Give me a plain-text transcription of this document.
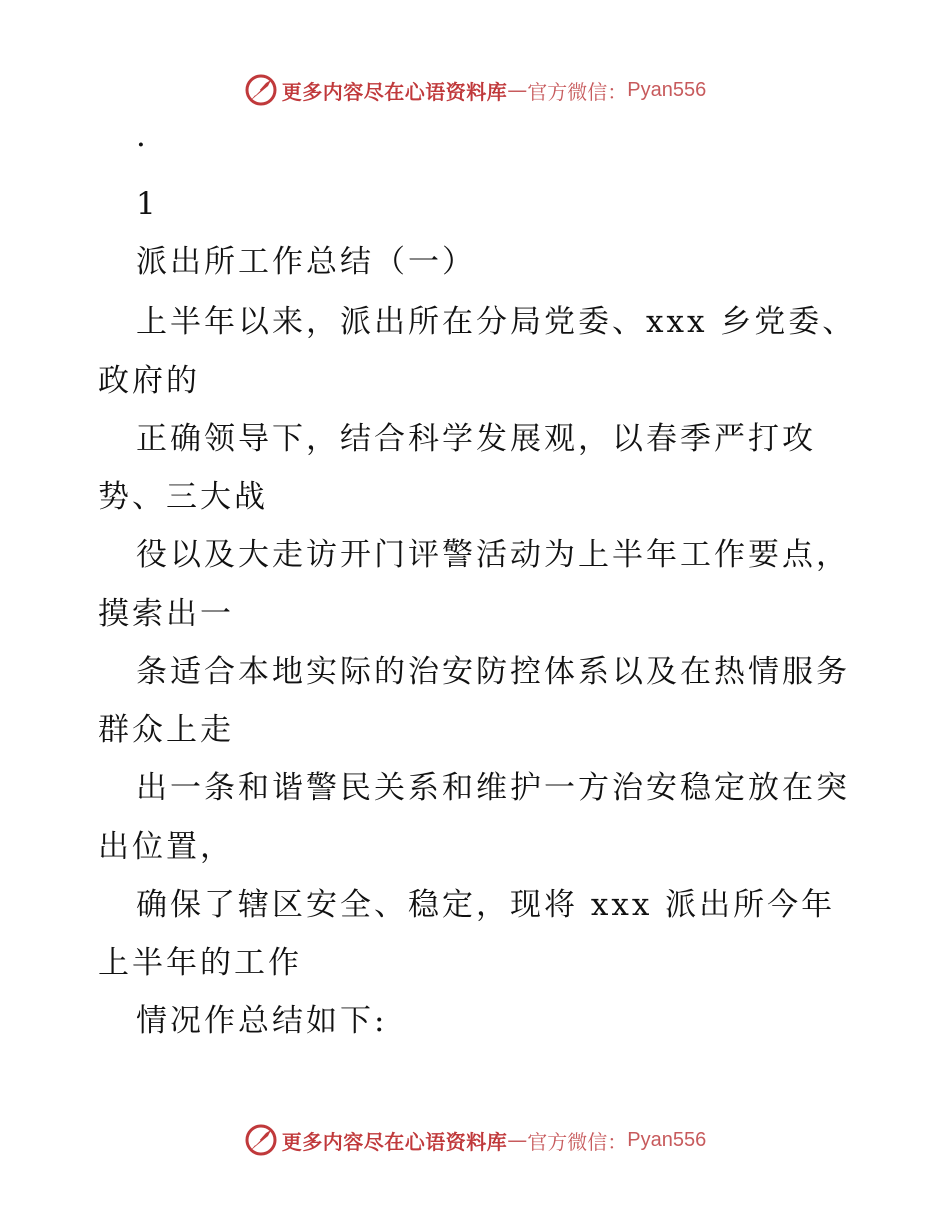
更多内容尽在心语资料库 — 官方微信： Pyan556
·
1
派出所工作总结（一）
上半年以来，派出所在分局党委、xxx 乡党委、
政府的
正确领导下，结合科学发展观，以春季严打攻
势、三大战
役以及大走访开门评警活动为上半年工作要点，
摸索出一
条适合本地实际的治安防控体系以及在热情服务
群众上走
出一条和谐警民关系和维护一方治安稳定放在突
出位置，
确保了辖区安全、稳定，现将 xxx 派出所今年
上半年的工作
情况作总结如下:
更多内容尽在心语资料库 — 官方微信： Pyan556
